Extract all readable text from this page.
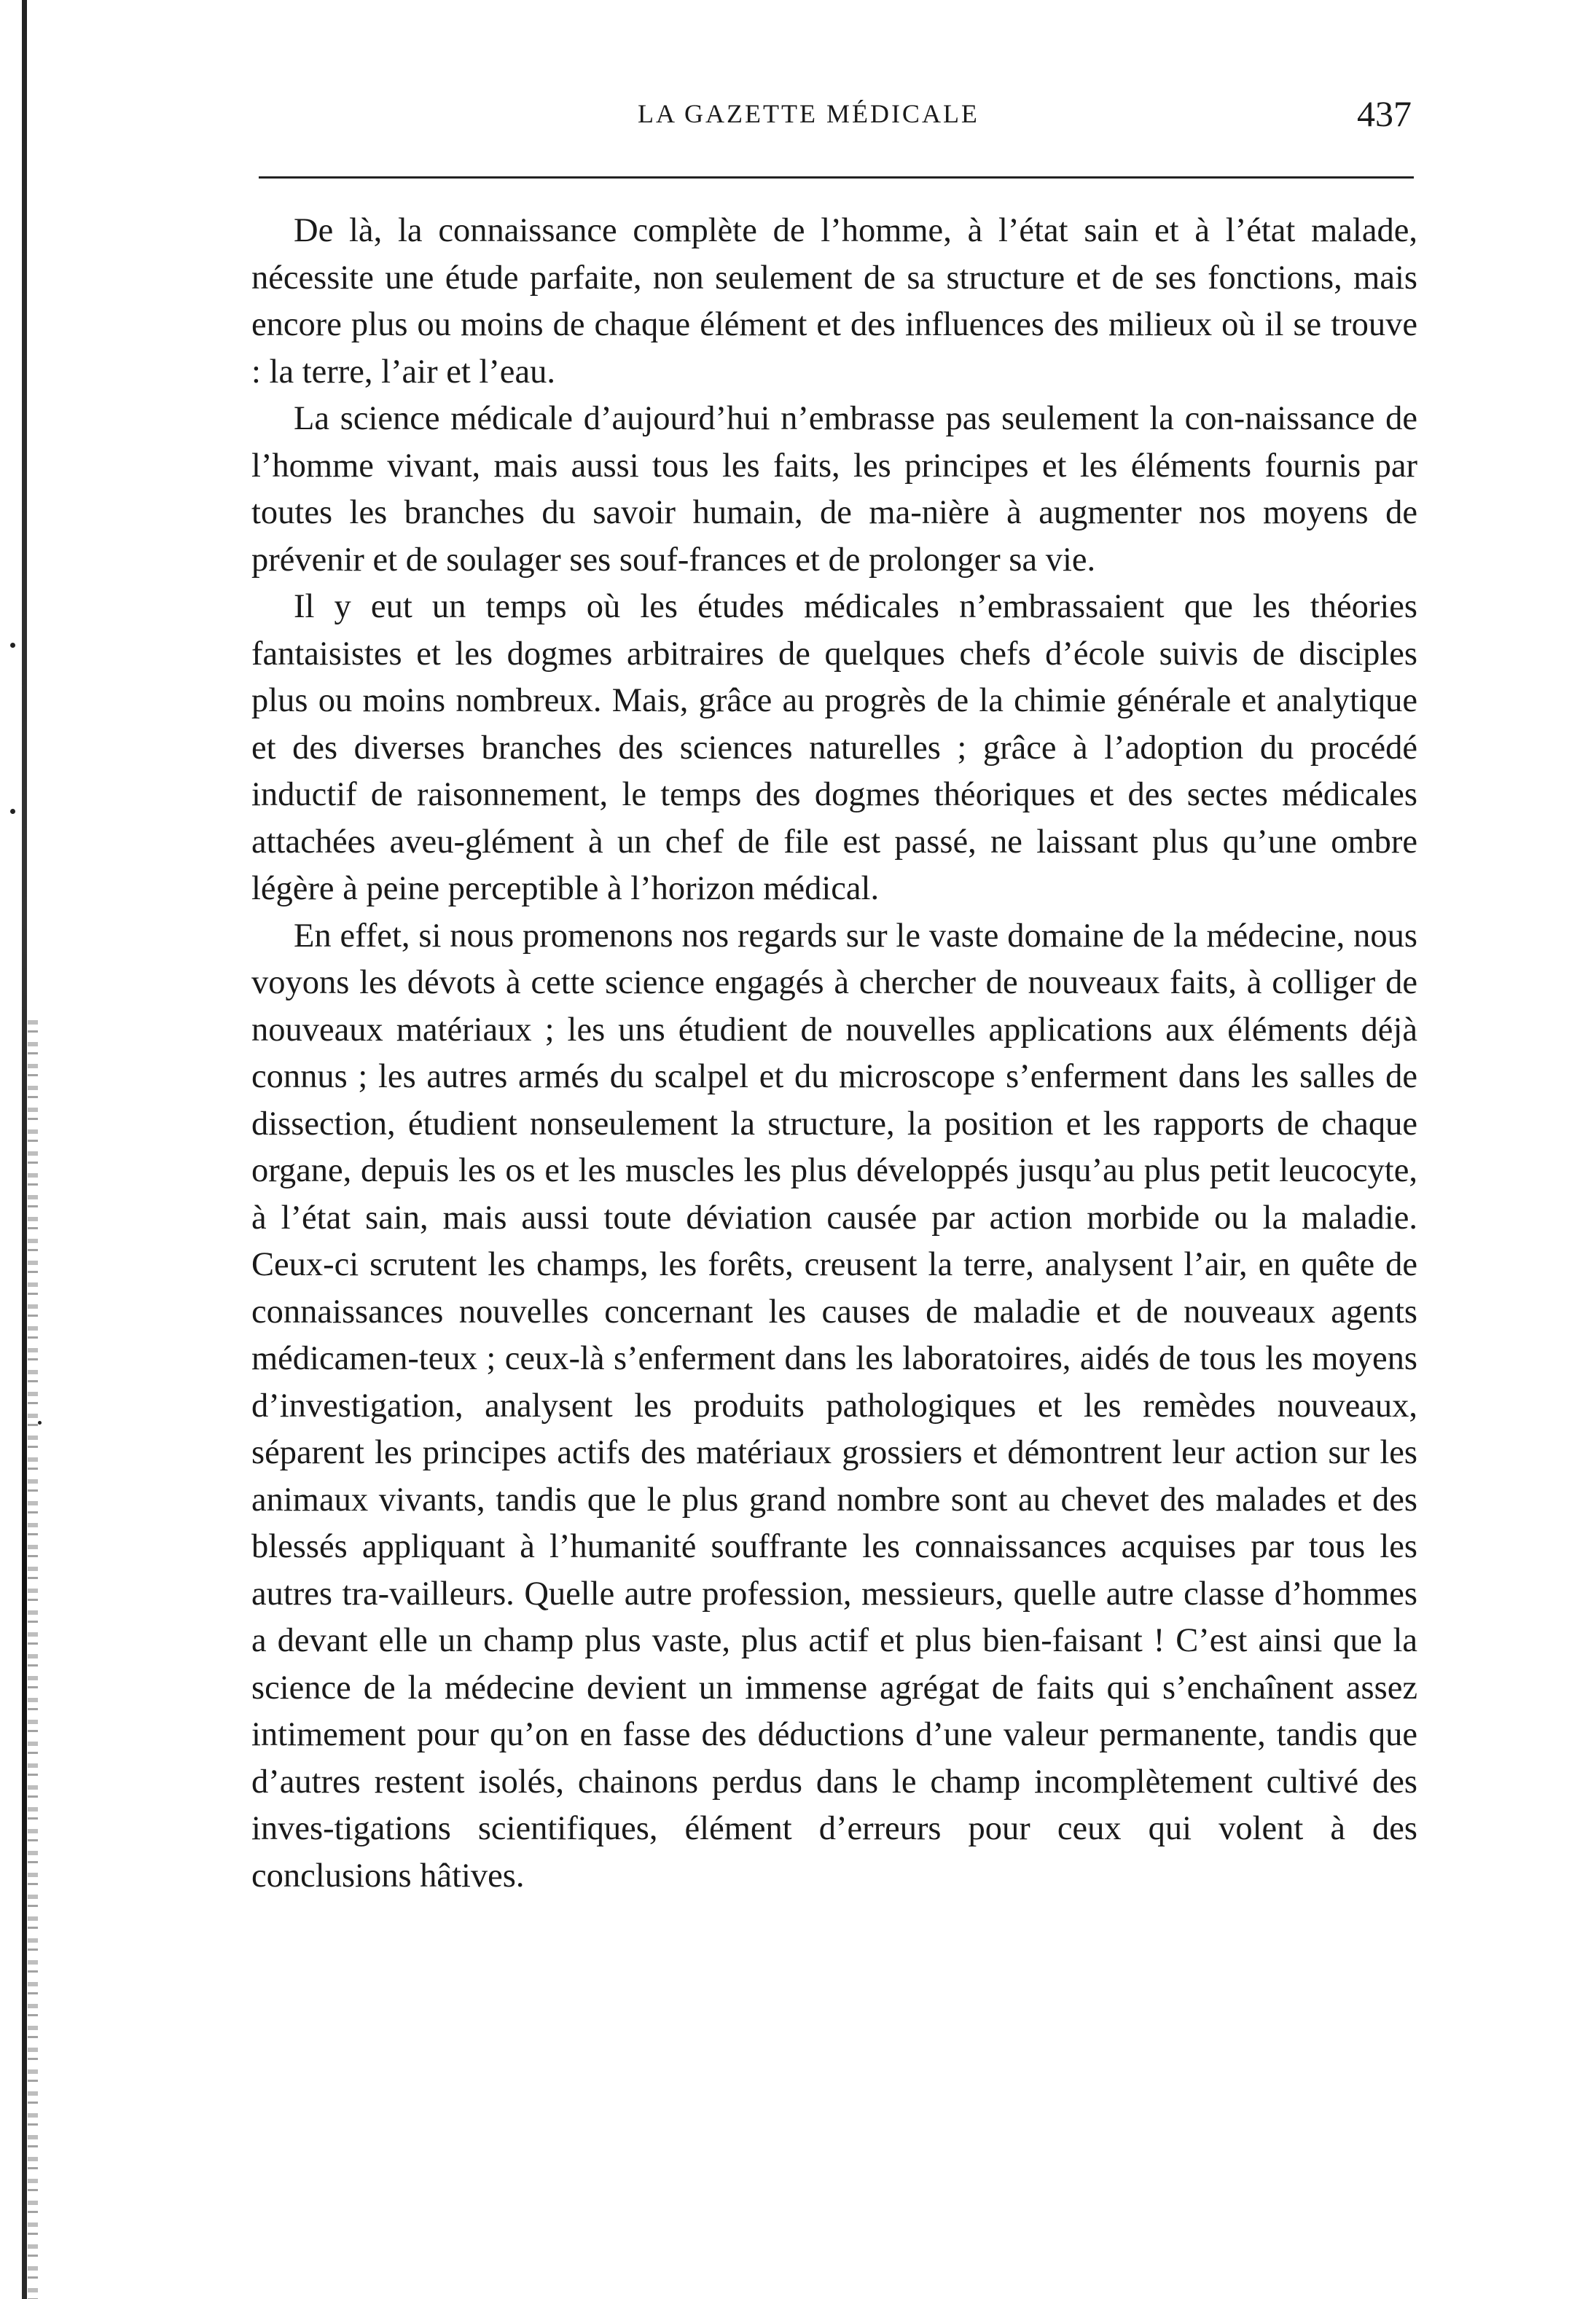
LA GAZETTE MÉDICALE	437

De là, la connaissance complète de l’homme, à l’état sain et à l’état malade, nécessite une étude parfaite, non seulement de sa structure et de ses fonctions, mais encore plus ou moins de chaque élément et des influences des milieux où il se trouve : la terre, l’air et l’eau.

La science médicale d’aujourd’hui n’embrasse pas seulement la con-naissance de l’homme vivant, mais aussi tous les faits, les principes et les éléments fournis par toutes les branches du savoir humain, de ma-nière à augmenter nos moyens de prévenir et de soulager ses souf-frances et de prolonger sa vie.

Il y eut un temps où les études médicales n’embrassaient que les théories fantaisistes et les dogmes arbitraires de quelques chefs d’école suivis de disciples plus ou moins nombreux. Mais, grâce au progrès de la chimie générale et analytique et des diverses branches des sciences naturelles ; grâce à l’adoption du procédé inductif de raisonnement, le temps des dogmes théoriques et des sectes médicales attachées aveu-glément à un chef de file est passé, ne laissant plus qu’une ombre légère à peine perceptible à l’horizon médical.

En effet, si nous promenons nos regards sur le vaste domaine de la médecine, nous voyons les dévots à cette science engagés à chercher de nouveaux faits, à colliger de nouveaux matériaux ; les uns étudient de nouvelles applications aux éléments déjà connus ; les autres armés du scalpel et du microscope s’enferment dans les salles de dissection, étudient nonseulement la structure, la position et les rapports de chaque organe, depuis les os et les muscles les plus développés jusqu’au plus petit leucocyte, à l’état sain, mais aussi toute déviation causée par action morbide ou la maladie. Ceux-ci scrutent les champs, les forêts, creusent la terre, analysent l’air, en quête de connaissances nouvelles concernant les causes de maladie et de nouveaux agents médicamen-teux ; ceux-là s’enferment dans les laboratoires, aidés de tous les moyens d’investigation, analysent les produits pathologiques et les remèdes nouveaux, séparent les principes actifs des matériaux grossiers et démontrent leur action sur les animaux vivants, tandis que le plus grand nombre sont au chevet des malades et des blessés appliquant à l’humanité souffrante les connaissances acquises par tous les autres tra-vailleurs. Quelle autre profession, messieurs, quelle autre classe d’hommes a devant elle un champ plus vaste, plus actif et plus bien-faisant ! C’est ainsi que la science de la médecine devient un immense agrégat de faits qui s’enchaînent assez intimement pour qu’on en fasse des déductions d’une valeur permanente, tandis que d’autres restent isolés, chainons perdus dans le champ incomplètement cultivé des inves-tigations scientifiques, élément d’erreurs pour ceux qui volent à des conclusions hâtives.
